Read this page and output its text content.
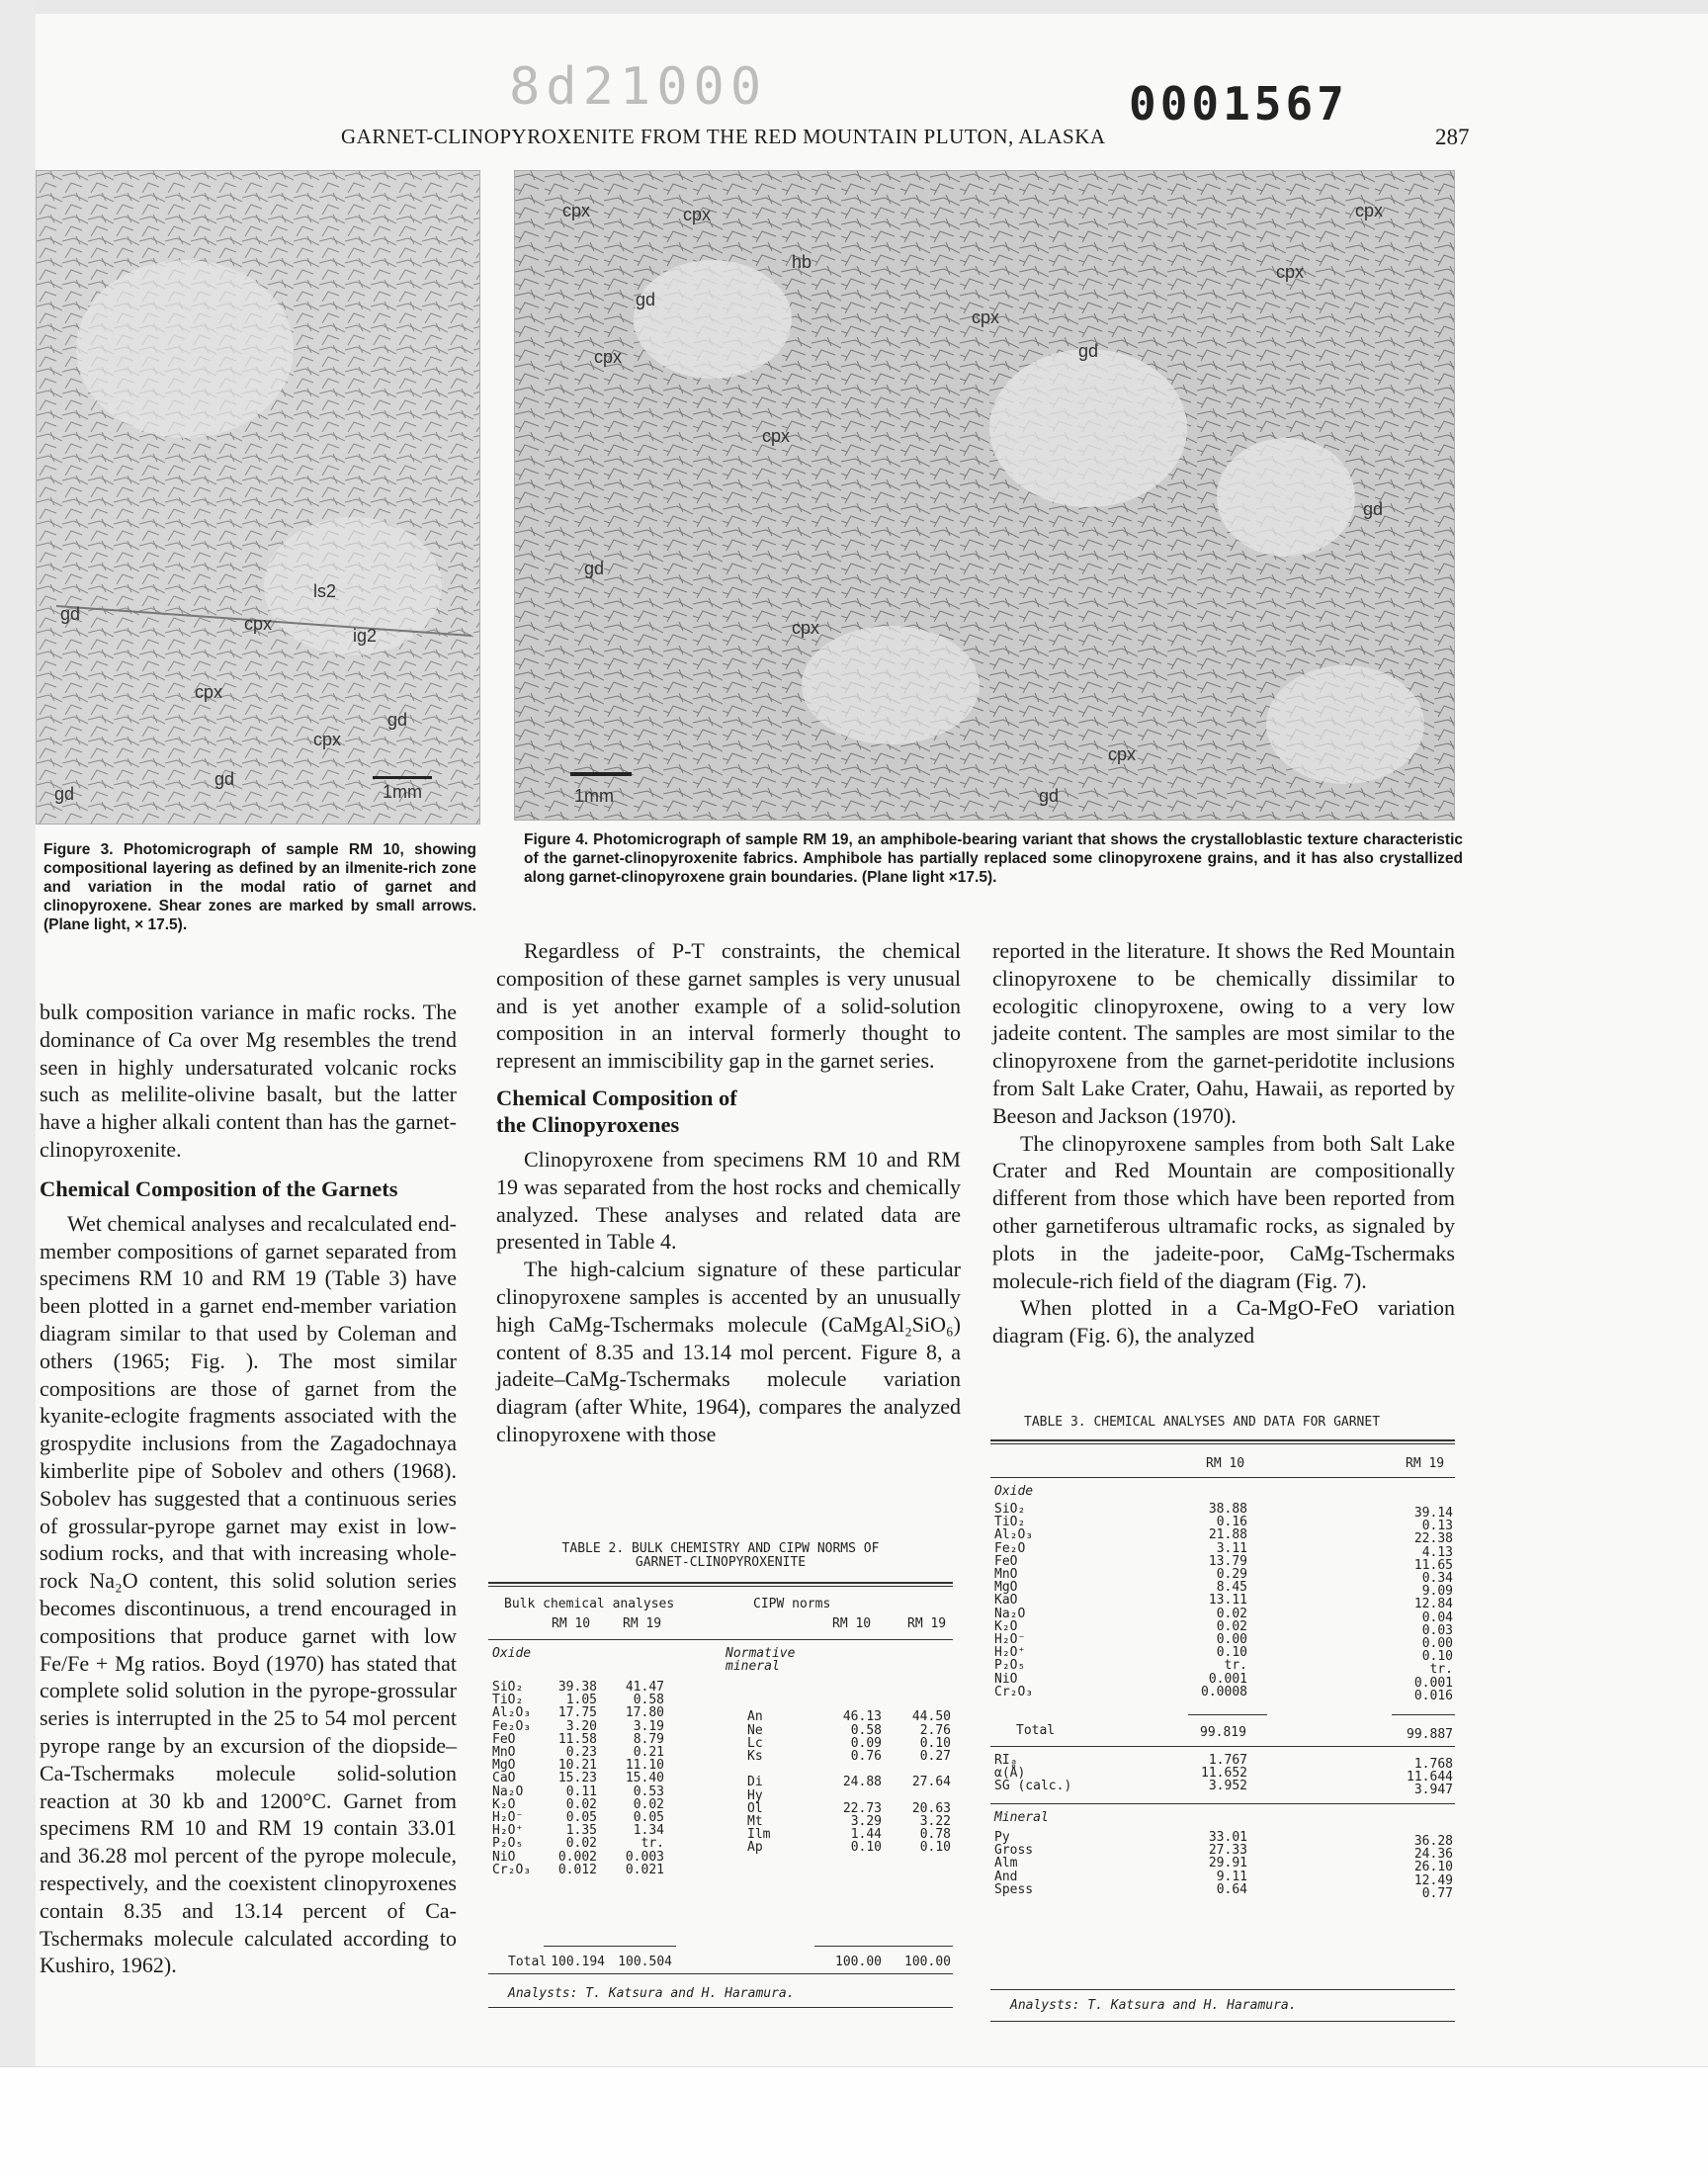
8d21000	0001567
GARNET-CLINOPYROXENITE FROM THE RED MOUNTAIN PLUTON, ALASKA	287
gd	cpx
ls2
ig2
cpx
gd
cpx
gd
gd	1mm
cpx	cpx
hb
gd
cpx
cpx
gd
cpx
gd
cpx
cpx
cpx
gd
cpx
gd
1mm
Figure 3. Photomicrograph of sample RM 10, showing compositional layering as defined by an ilmenite-rich zone and variation in the modal ratio of garnet and clinopyroxene. Shear zones are marked by small arrows. (Plane light, × 17.5).
Figure 4. Photomicrograph of sample RM 19, an amphibole-bearing variant that shows the crystalloblastic texture characteristic of the garnet-clinopyroxenite fabrics. Amphibole has partially replaced some clinopyroxene grains, and it has also crystallized along garnet-clinopyroxene grain boundaries. (Plane light ×17.5).

bulk composition variance in mafic rocks. The dominance of Ca over Mg resembles the trend seen in highly undersaturated volcanic rocks such as melilite-olivine basalt, but the latter have a higher alkali content than has the garnet-clinopyroxenite.

Chemical Composition of the Garnets

Wet chemical analyses and recalculated end-member compositions of garnet separated from specimens RM 10 and RM 19 (Table 3) have been plotted in a garnet end-member variation diagram similar to that used by Coleman and others (1965; Fig. ). The most similar compositions are those of garnet from the kyanite-eclogite fragments associated with the grospydite inclusions from the Zagadochnaya kimberlite pipe of Sobolev and others (1968). Sobolev has suggested that a continuous series of grossular-pyrope garnet may exist in low-sodium rocks, and that with increasing whole-rock Na₂O content, this solid solution series becomes discontinuous, a trend encouraged in compositions that produce garnet with low Fe/Fe + Mg ratios. Boyd (1970) has stated that complete solid solution in the pyrope-grossular series is interrupted in the 25 to 54 mol percent pyrope range by an excursion of the diopside–Ca-Tschermaks molecule solid-solution reaction at 30 kb and 1200°C. Garnet from specimens RM 10 and RM 19 contain 33.01 and 36.28 mol percent of the pyrope molecule, respectively, and the coexistent clinopyroxenes contain 8.35 and 13.14 percent of Ca-Tschermaks molecule calculated according to Kushiro, 1962).

Regardless of P-T constraints, the chemical composition of these garnet samples is very unusual and is yet another example of a solid-solution composition in an interval formerly thought to represent an immiscibility gap in the garnet series.

Chemical Composition of
the Clinopyroxenes

Clinopyroxene from specimens RM 10 and RM 19 was separated from the host rocks and chemically analyzed. These analyses and related data are presented in Table 4.

The high-calcium signature of these particular clinopyroxene samples is accented by an unusually high CaMg-Tschermaks molecule (CaMgAl₂SiO₆) content of 8.35 and 13.14 mol percent. Figure 8, a jadeite–CaMg-Tschermaks molecule variation diagram (after White, 1964), compares the analyzed clinopyroxene with those

reported in the literature. It shows the Red Mountain clinopyroxene to be chemically dissimilar to ecologitic clinopyroxene, owing to a very low jadeite content. The samples are most similar to the clinopyroxene from the garnet-peridotite inclusions from Salt Lake Crater, Oahu, Hawaii, as reported by Beeson and Jackson (1970).

The clinopyroxene samples from both Salt Lake Crater and Red Mountain are compositionally different from those which have been reported from other garnetiferous ultramafic rocks, as signaled by plots in the jadeite-poor, CaMg-Tschermaks molecule-rich field of the diagram (Fig. 7).

When plotted in a Ca-MgO-FeO variation diagram (Fig. 6), the analyzed

TABLE 2. BULK CHEMISTRY AND CIPW NORMS OF
GARNET-CLINOPYROXENITE
Bulk chemical analyses	CIPW norms
RM 10	RM 19	RM 10	RM 19
Oxide	Normative mineral
SiO₂	39.38	41.47
TiO₂	1.05	0.58
Al₂O₃	17.75	17.80
Fe₂O₃	3.20	3.19
FeO	11.58	8.79
MnO	0.23	0.21
MgO	10.21	11.10
CaO	15.23	15.40
Na₂O	0.11	0.53
K₂O	0.02	0.02
H₂O⁻	0.05	0.05
H₂O⁺	1.35	1.34
P₂O₅	0.02	tr.
NiO	0.002	0.003
Cr₂O₃	0.012	0.021
An	46.13	44.50
Ne	0.58	2.76
Lc	0.09	0.10
Ks	0.76	0.27
Di	24.88	27.64
Hy
Ol	22.73	20.63
Mt	3.29	3.22
Ilm	1.44	0.78
Ap	0.10	0.10
Total 100.194	100.504	100.00	100.00
Analysts: T. Katsura and H. Haramura.
TABLE 3. CHEMICAL ANALYSES AND DATA FOR GARNET
RM 10	RM 19
Oxide
SiO₂	38.88	39.14
TiO₂	0.16	0.13
Al₂O₃	21.88	22.38
Fe₂O	3.11	4.13
FeO	13.79	11.65
MnO	0.29	0.34
MgO	8.45	9.09
KaO	13.11	12.84
Na₂O	0.02	0.04
K₂O	0.02	0.03
H₂O⁻	0.00	0.00
H₂O⁺	0.10	0.10
P₂O₅	tr.	tr.
NiO	0.001	0.001
Cr₂O₃	0.0008	0.016
Total	99.819	99.887
RIₐ	1.767	1.768
α(Å)	11.652	11.644
SG (calc.)	3.952	3.947
Mineral
Py	33.01	36.28
Gross	27.33	24.36
Alm	29.91	26.10
And	9.11	12.49
Spess	0.64	0.77
Analysts: T. Katsura and H. Haramura.
